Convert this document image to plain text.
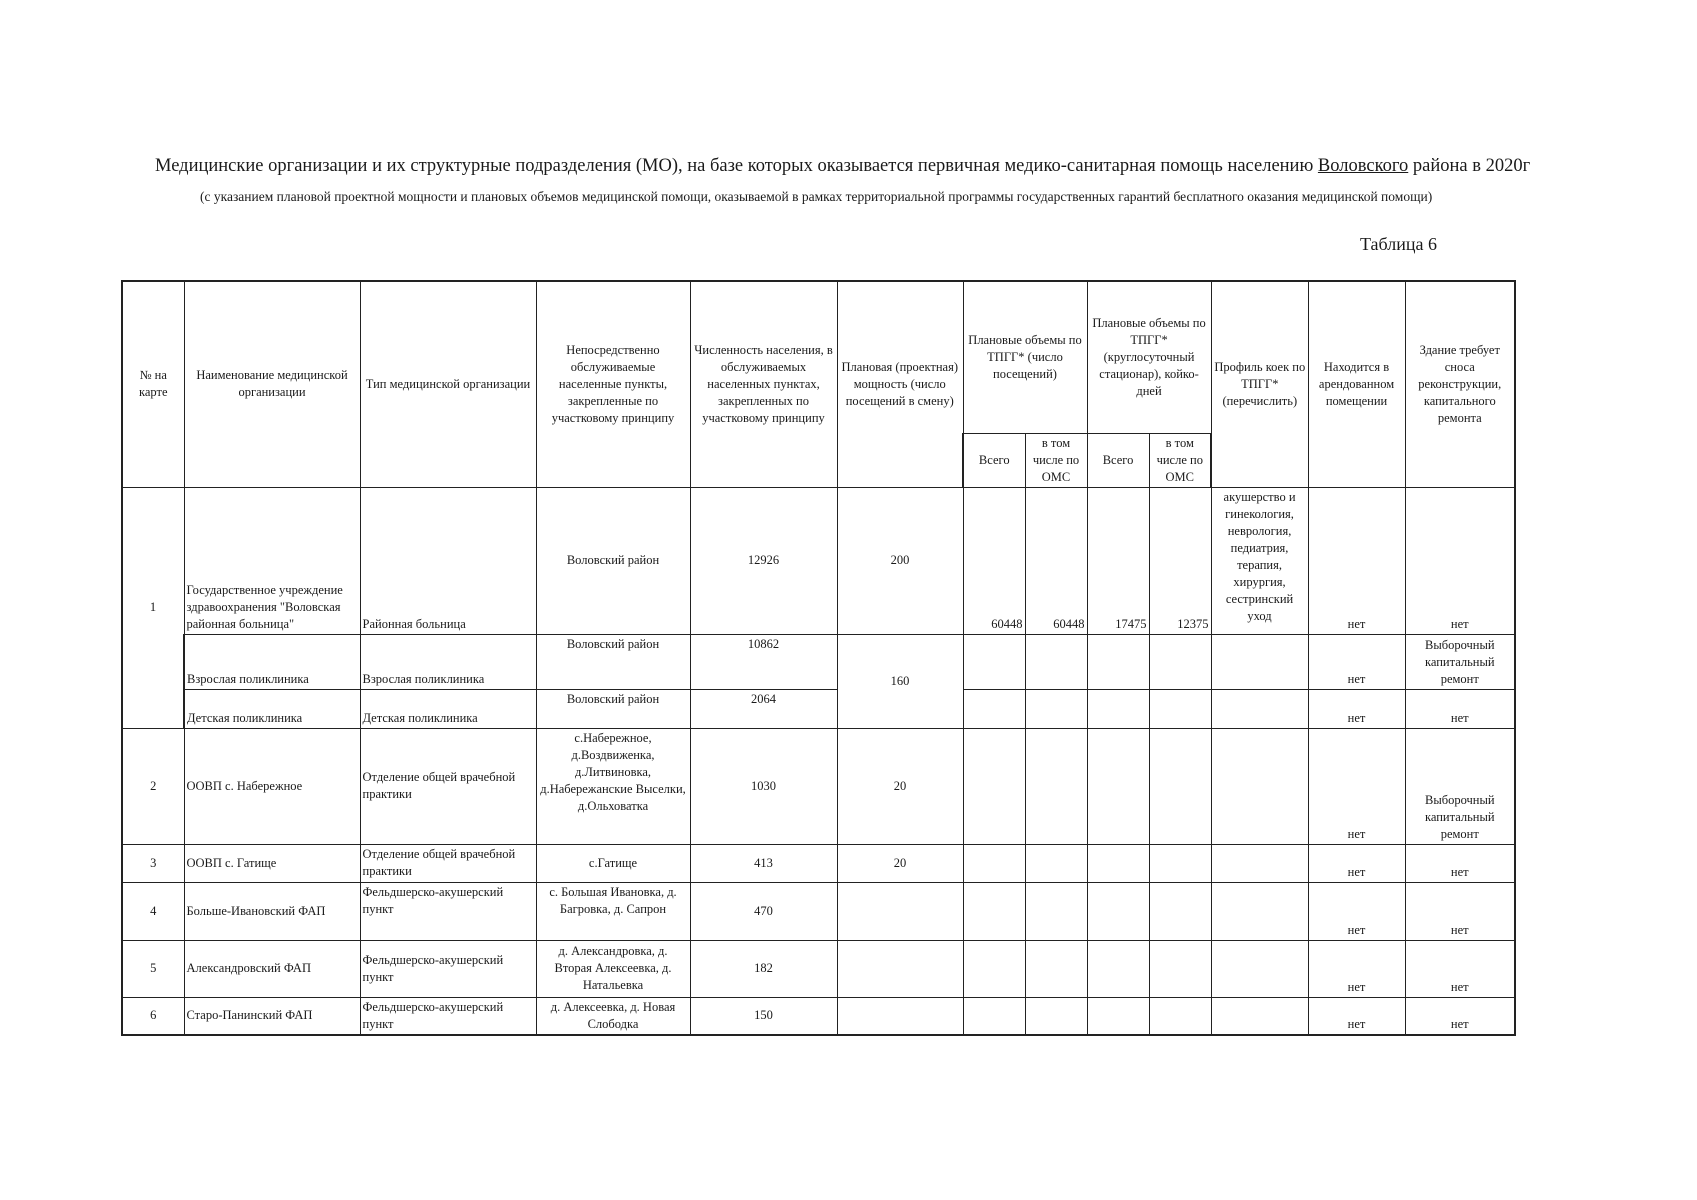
Медицинские организации и их структурные подразделения (МО), на базе которых оказывается первичная медико-санитарная помощь населению Воловского района в 2020г
(с указанием плановой проектной мощности и плановых объемов медицинской помощи, оказываемой в рамках территориальной программы государственных гарантий бесплатного оказания медицинской помощи)
Таблица 6
№ на карте	Наименование медицинской организации	Тип медицинской организации	Непосредственно обслуживаемые населенные пункты, закрепленные по участковому принципу	Численность населения, в обслуживаемых населенных пунктах, закрепленных по участковому принципу	Плановая (проектная) мощность (число посещений в смену)	Плановые объемы по ТПГГ* (число посещений)		Плановые объемы по ТПГГ* (круглосуточный стационар), койко-дней		Профиль коек по ТПГГ* (перечислить)	Находится в арендованном помещении	Здание требует сноса реконструкции, капитального ремонта
						Всего	в том числе по ОМС	Всего	в том числе по ОМС			
1	Государственное учреждение здравоохранения "Воловская районная больница"	Районная больница	Воловский район	12926	200	60448	60448	17475	12375	акушерство и гинекология, неврология, педиатрия, терапия, хирургия, сестринский уход	нет	нет
	Взрослая поликлиника	Взрослая поликлиника	Воловский район	10862	160						нет	Выборочный капитальный ремонт
	Детская поликлиника	Детская поликлиника	Воловский район	2064							нет	нет
2	ООВП с. Набережное	Отделение общей врачебной практики	с.Набережное, д.Воздвиженка, д.Литвиновка, д.Набережанские Выселки, д.Ольховатка	1030	20						нет	Выборочный капитальный ремонт
3	ООВП с. Гатище	Отделение общей врачебной практики	с.Гатище	413	20						нет	нет
4	Больше-Ивановский ФАП	Фельдшерско-акушерский пункт	с. Большая Ивановка, д. Багровка, д. Сапрон	470							нет	нет
5	Александровский ФАП	Фельдшерско-акушерский пункт	д. Александровка, д. Вторая Алексеевка, д. Натальевка	182							нет	нет
6	Старо-Панинский ФАП	Фельдшерско-акушерский пункт	д. Алексеевка, д. Новая Слободка	150							нет	нет
